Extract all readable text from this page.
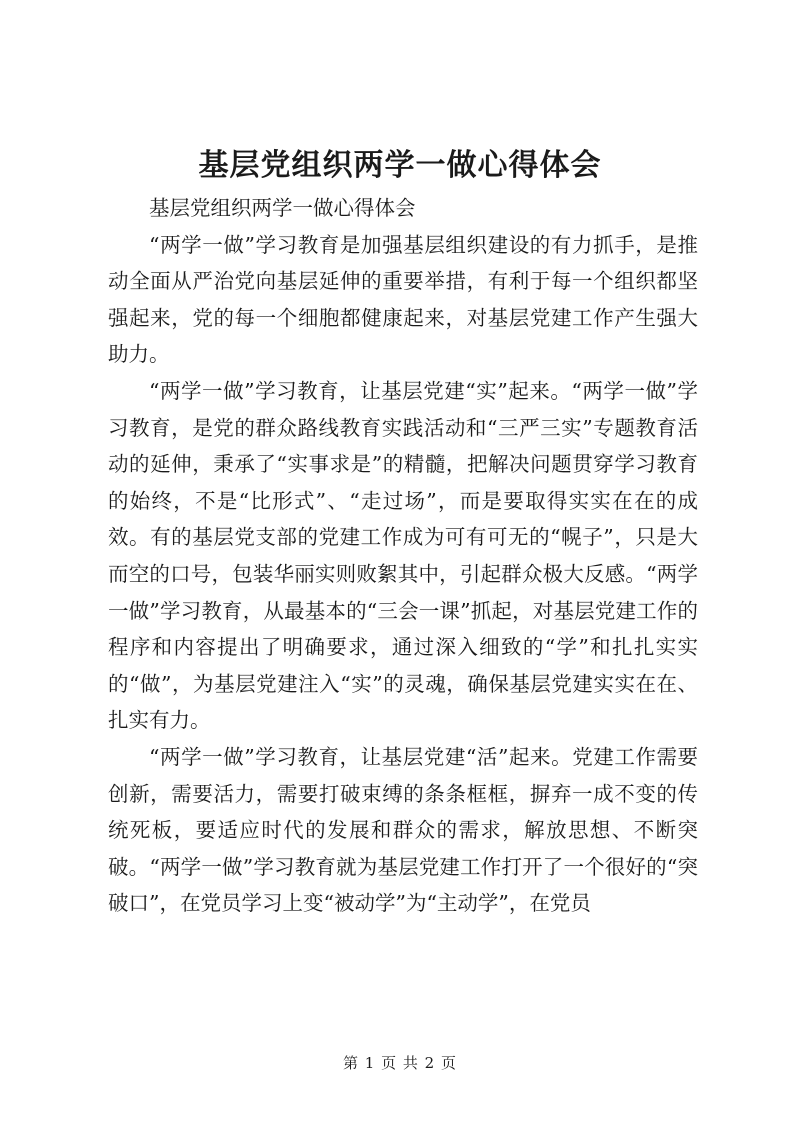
基层党组织两学一做心得体会

基层党组织两学一做心得体会

“两学一做”学习教育是加强基层组织建设的有力抓手，是推动全面从严治党向基层延伸的重要举措，有利于每一个组织都坚强起来，党的每一个细胞都健康起来，对基层党建工作产生强大助力。

“两学一做”学习教育，让基层党建“实”起来。“两学一做”学习教育，是党的群众路线教育实践活动和“三严三实”专题教育活动的延伸，秉承了“实事求是”的精髓，把解决问题贯穿学习教育的始终，不是“比形式”、“走过场”，而是要取得实实在在的成效。有的基层党支部的党建工作成为可有可无的“幌子”，只是大而空的口号，包装华丽实则败絮其中，引起群众极大反感。“两学一做”学习教育，从最基本的“三会一课”抓起，对基层党建工作的程序和内容提出了明确要求，通过深入细致的“学”和扎扎实实的“做”，为基层党建注入“实”的灵魂，确保基层党建实实在在、扎实有力。

“两学一做”学习教育，让基层党建“活”起来。党建工作需要创新，需要活力，需要打破束缚的条条框框，摒弃一成不变的传统死板，要适应时代的发展和群众的需求，解放思想、不断突破。“两学一做”学习教育就为基层党建工作打开了一个很好的“突破口”，在党员学习上变“被动学”为“主动学”，在党员

第 1 页 共 2 页
